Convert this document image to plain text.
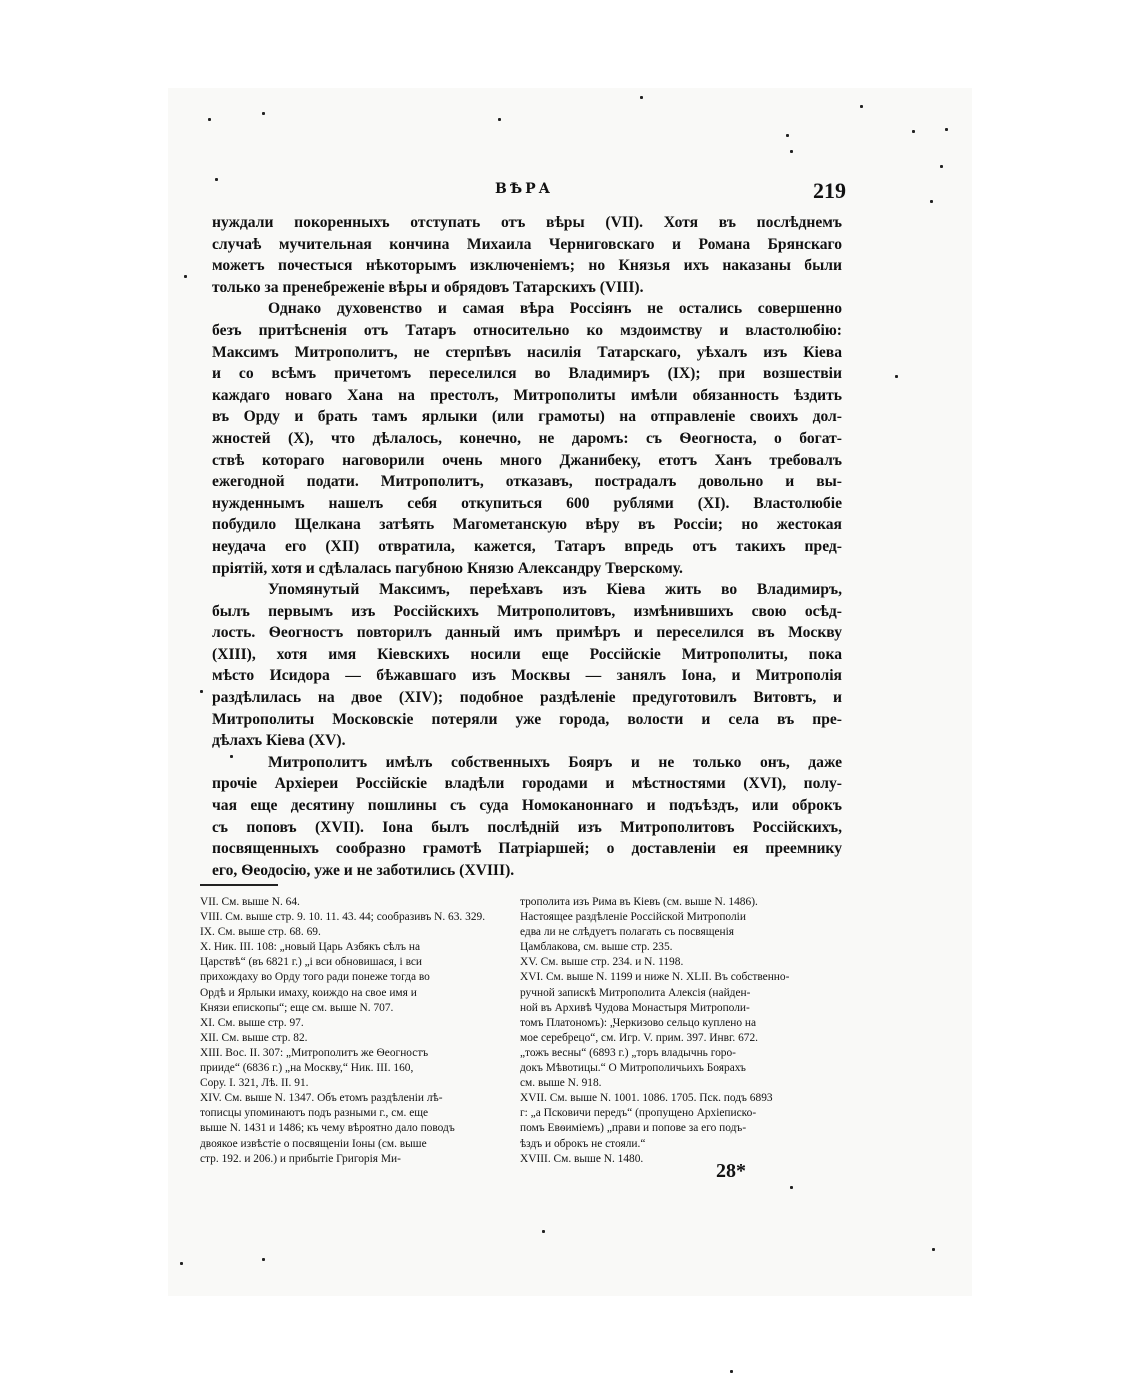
ВѢРА	219

нуждали покоренныхъ отступать отъ вѣры (VII). Хотя въ послѣднемъ
случаѣ мучительная кончина Михаила Черниговскаго и Романа Брянскаго
можетъ почестыся нѣкоторымъ изключеніемъ; но Князья ихъ наказаны были
только за пренебреженіе вѣры и обрядовъ Татарскихъ (VIII).

Однако духовенство и самая вѣра Россіянъ не остались совершенно
безъ притѣсненія отъ Татаръ относительно ко мздоимству и властолюбію:
Максимъ Митрополитъ, не стерпѣвъ насилія Татарскаго, уѣхалъ изъ Кіева
и со всѣмъ причетомъ переселился во Владимиръ (IX); при возшествіи
каждаго новаго Хана на престолъ, Митрополиты имѣли обязанность ѣздить
въ Орду и брать тамъ ярлыки (или грамоты) на отправленіе своихъ дол-
жностей (X), что дѣлалось, конечно, не даромъ: съ Ѳеогноста, о богат-
ствѣ котораго наговорили очень много Джанибеку, етотъ Ханъ требовалъ
ежегодной подати. Митрополитъ, отказавъ, пострадалъ довольно и вы-
нужденнымъ нашелъ себя откупиться 600 рублями (XI). Властолюбіе
побудило Щелкана затѣять Магометанскую вѣру въ Россіи; но жестокая
неудача его (XII) отвратила, кажется, Татаръ впредь отъ такихъ пред-
пріятій, хотя и сдѣлалась пагубною Князю Александру Тверскому.

Упомянутый Максимъ, переѣхавъ изъ Кіева жить во Владимиръ,
былъ первымъ изъ Россійскихъ Митрополитовъ, измѣнившихъ свою осѣд-
лость. Ѳеогностъ повторилъ данный имъ примѣръ и переселился въ Москву
(XIII), хотя имя Кіевскихъ носили еще Россійскіе Митрополиты, пока
мѣсто Исидора — бѣжавшаго изъ Москвы — занялъ Іона, и Митрополія
раздѣлилась на двое (XIV); подобное раздѣленіе предуготовилъ Витовтъ, и
Митрополиты Московскіе потеряли уже города, волости и села въ пре-
дѣлахъ Кіева (XV).

Митрополитъ имѣлъ собственныхъ Бояръ и не только онъ, даже
прочіе Архіереи Россійскіе владѣли городами и мѣстностями (XVI), полу-
чая еще десятину пошлины съ суда Номоканоннаго и подъѣздъ, или оброкъ
съ поповъ (XVII). Іона былъ послѣдній изъ Митрополитовъ Россійскихъ,
посвященныхъ сообразно грамотѣ Патріаршей; о доставленіи ея преемнику
его, Ѳеодосію, уже и не заботились (XVIII).

VII. См. выше N. 64.
VIII. См. выше стр. 9. 10. 11. 43. 44; сообразивъ N. 63. 329.
IX. См. выше стр. 68. 69.
X. Ник. III. 108: „новый Царь Азбякъ сѣлъ на
Царствѣ“ (въ 6821 г.) „і вси обновишася, і вси
прихождаху во Орду того ради понеже тогда во
Ордѣ и Ярлыки имаху, коиждо на свое имя и
Князи епископы“; еще см. выше N. 707.
XI. См. выше стр. 97.
XII. См. выше стр. 82.
XIII. Вос. II. 307: „Митрополитъ же Ѳеогностъ
прииде“ (6836 г.) „на Москву,“ Ник. III. 160,
Сору. I. 321, Лѣ. II. 91.
XIV. См. выше N. 1347. Объ етомъ раздѣленіи лѣ-
тописцы упоминаютъ подъ разными г., см. еще
выше N. 1431 и 1486; къ чему вѣроятно дало поводъ
двоякое извѣстіе о посвященіи Іоны (см. выше
стр. 192. и 206.) и прибытіе Григорія Ми-
трополита изъ Рима въ Кіевъ (см. выше N. 1486).
Настоящее раздѣленіе Россійской Митрополіи
едва ли не слѣдуетъ полагать съ посвященія
Цамблакова, см. выше стр. 235.
XV. См. выше стр. 234. и N. 1198.
XVI. См. выше N. 1199 и ниже N. XLII. Въ собственно-
ручной запискѣ Митрополита Алексія (найден-
ной въ Архивѣ Чудова Монастыря Митрополи-
томъ Платономъ): „Черкизово сельцо куплено на
мое серебрецо“, см. Игр. V. прим. 397. Инвг. 672.
„тожъ весны“ (6893 г.) „торъ владычнь горо-
докъ Мѣвотицы.“ О Митрополичьихъ Боярахъ
см. выше N. 918.
XVII. См. выше N. 1001. 1086. 1705. Пск. подъ 6893
г: „а Псковичи передъ“ (пропущено Архіеписко-
помъ Евѳиміемъ) „прави и попове за его подъ-
ѣздъ и оброкъ не стояли.“
XVIII. См. выше N. 1480.
28*
